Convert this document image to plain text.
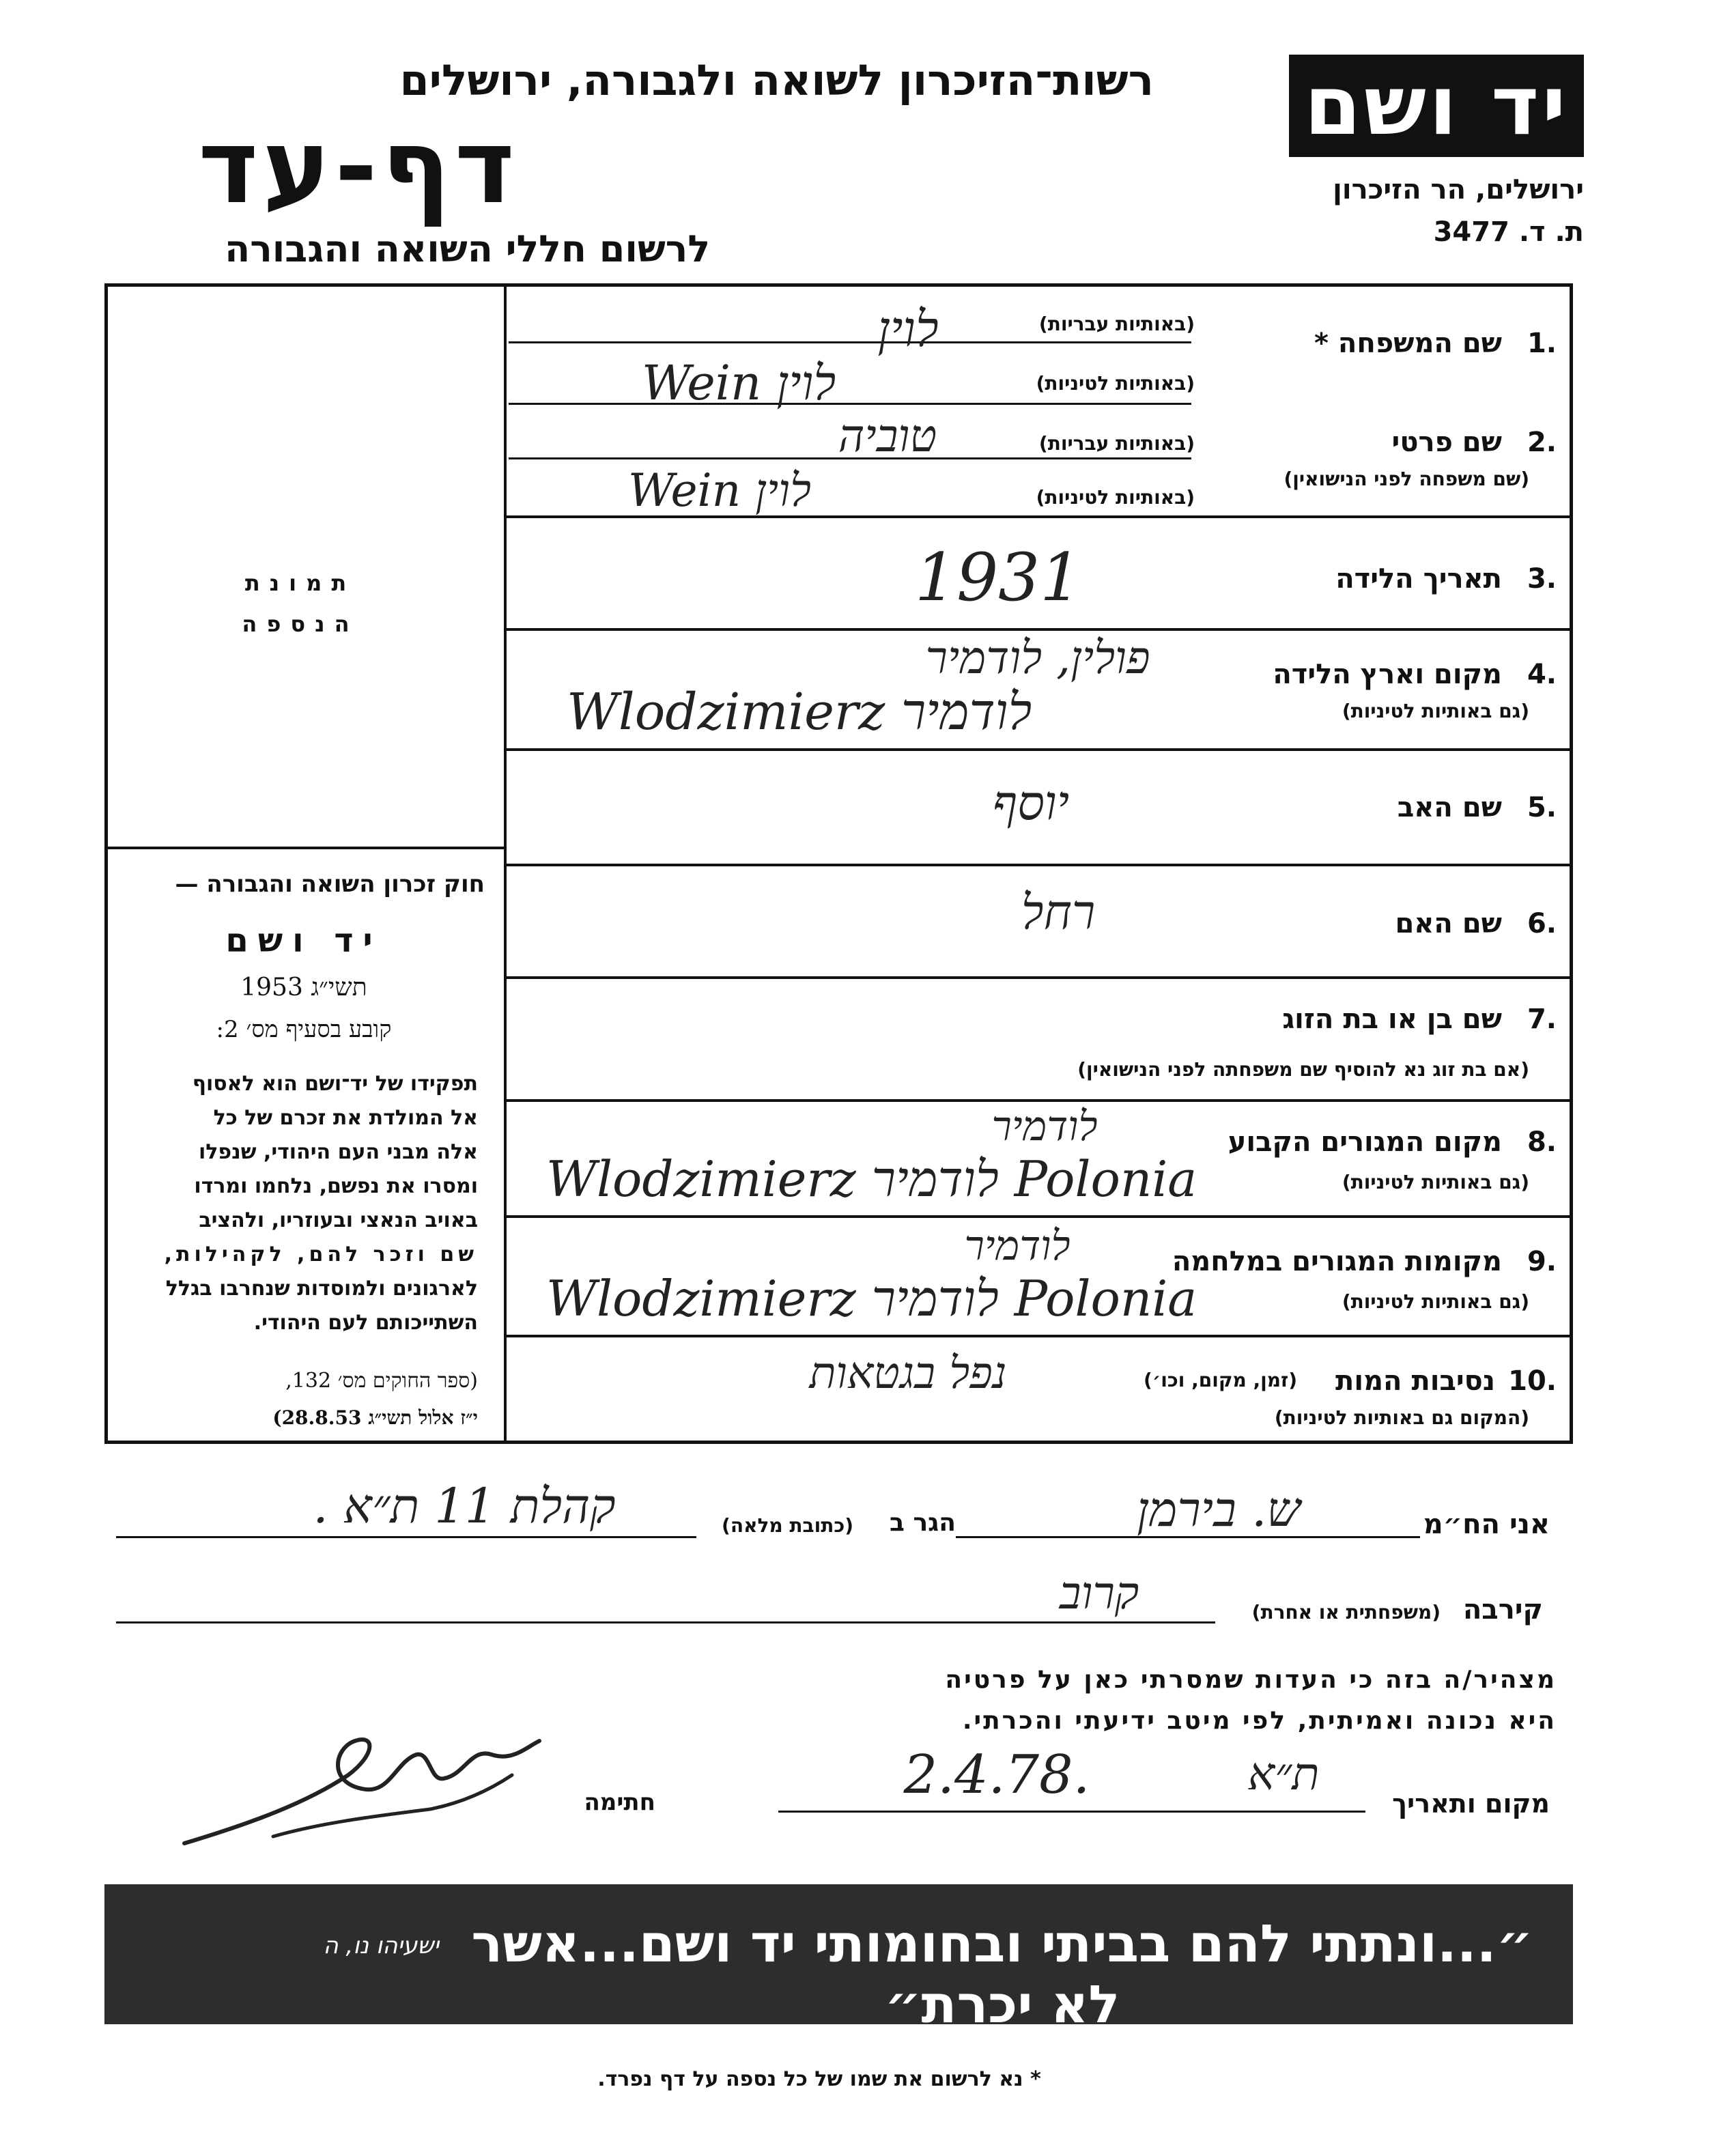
רשות־הזיכרון לשואה ולגבורה, ירושלים
דף-עד
לרשום חללי השואה והגבורה
יד ושם
ירושלים, הר הזיכרון
ת. ד. 3477
תמונת
הנספה
חוק זכרון השואה והגבורה —
יד ושם
תשי״ג 1953
קובע בסעיף מס׳ 2:
תפקידו של יד־ושם הוא לאסוף
אל המולדת את זכרם של כל
אלה מבני העם היהודי, שנפלו
ומסרו את נפשם, נלחמו ומרדו
באויב הנאצי ובעוזריו, ולהציב
שם וזכר להם, לקהילות,
לארגונים ולמוסדות שנחרבו בגלל
השתייכותם לעם היהודי.
(ספר החוקים מס׳ 132,
י״ז אלול תשי״ג 28.8.53)
1.
שם המשפחה *
(באותיות עבריות)
לוין
(באותיות לטיניות)
Wein לוין
2.
שם פרטי
(שם משפחה לפני הנישואין)
(באותיות עבריות)
טוביה
(באותיות לטיניות)
Wein לוין
3.
תאריך הלידה
1931
4.
מקום וארץ הלידה
(גם באותיות לטיניות)
פולין, לודמיר
Wlodzimierz לודמיר
5.
שם האב
יוסף
6.
שם האם
רחל
7.
שם בן או בת הזוג
(אם בת זוג נא להוסיף שם משפחתה לפני הנישואין)
8.
מקום המגורים הקבוע
(גם באותיות לטיניות)
לודמיר
Wlodzimierz לודמיר Polonia
9.
מקומות המגורים במלחמה
(גם באותיות לטיניות)
לודמיר
Wlodzimierz לודמיר Polonia
10.
נסיבות המות
(זמן, מקום, וכו׳)
(המקום גם באותיות לטיניות)
נפל בגטאות
אני הח״מ
ש. בירמן
הגר ב
(כתובת מלאה)
קהלת 11 ת״א .
קירבה
(משפחתית או אחרת)
קרוב
מצהיר/ה בזה כי העדות שמסרתי כאן על פרטיה
היא נכונה ואמיתית, לפי מיטב ידיעתי והכרתי.
מקום ותאריך
ת״א
2.4.78.
חתימה
ישעיהו נו, ה ״...ונתתי להם בביתי ובחומותי יד ושם...אשר לא יכרת״
* נא לרשום את שמו של כל נספה על דף נפרד.
